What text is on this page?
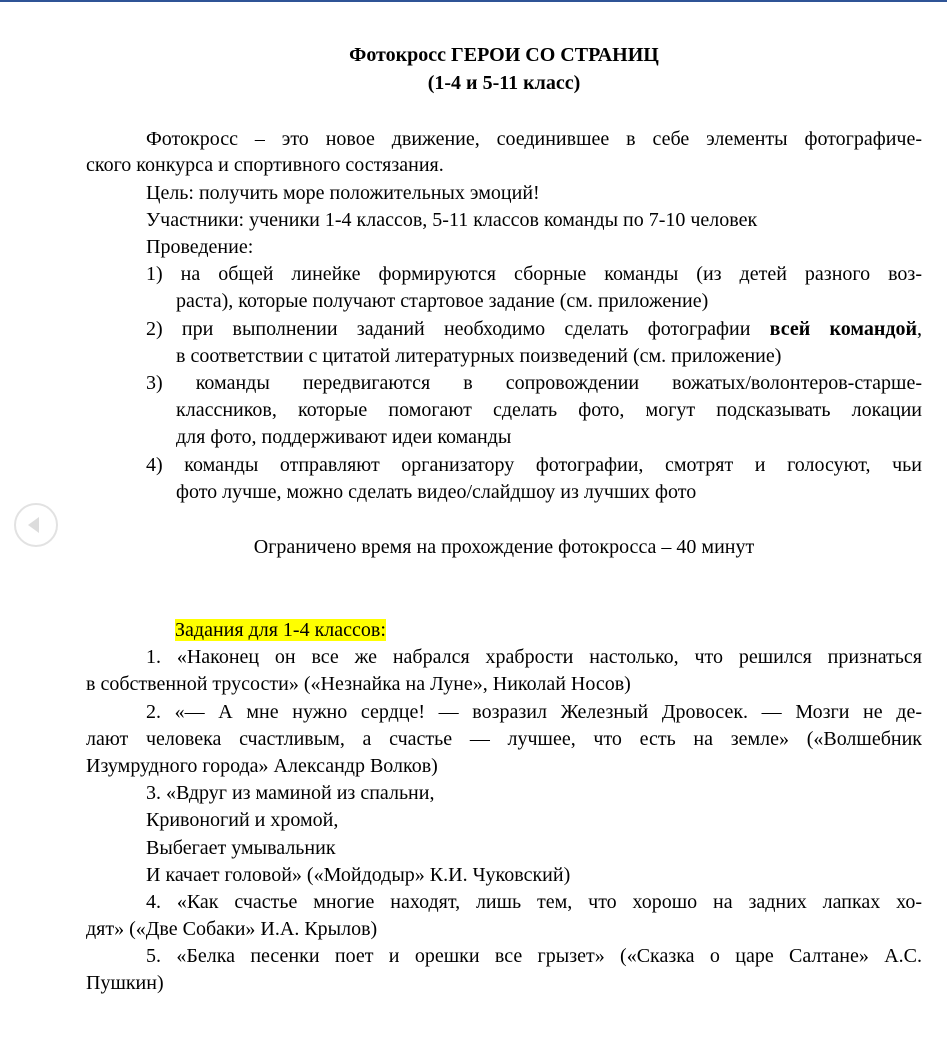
Фотокросс ГЕРОИ СО СТРАНИЦ
(1-4 и 5-11 класс)
Фотокросс – это новое движение, соединившее в себе элементы фотографиче-
ского конкурса и спортивного состязания.
Цель: получить море положительных эмоций!
Участники: ученики 1-4 классов, 5-11 классов команды по 7-10 человек
Проведение:
1) на общей линейке формируются сборные команды (из детей разного воз-
раста), которые получают стартовое задание (см. приложение)
2) при выполнении заданий необходимо сделать фотографии всей командой,
в соответствии с цитатой литературных поизведений (см. приложение)
3) команды передвигаются в сопровождении вожатых/волонтеров-старше-
классников, которые помогают сделать фото, могут подсказывать локации
для фото, поддерживают идеи команды
4) команды отправляют организатору фотографии, смотрят и голосуют, чьи
фото лучше, можно сделать видео/слайдшоу из лучших фото
Ограничено время на прохождение фотокросса – 40 минут
Задания для 1-4 классов:
1. «Наконец он все же набрался храбрости настолько, что решился признаться
в собственной трусости» («Незнайка на Луне», Николай Носов)
2. «— А мне нужно сердце! — возразил Железный Дровосек. — Мозги не де-
лают человека счастливым, а счастье — лучшее, что есть на земле» («Волшебник
Изумрудного города» Александр Волков)
3. «Вдруг из маминой из спальни,
Кривоногий и хромой,
Выбегает умывальник
И качает головой» («Мойдодыр» К.И. Чуковский)
4. «Как счастье многие находят, лишь тем, что хорошо на задних лапках хо-
дят» («Две Собаки» И.А. Крылов)
5. «Белка песенки поет и орешки все грызет» («Сказка о царе Салтане» А.С.
Пушкин)
